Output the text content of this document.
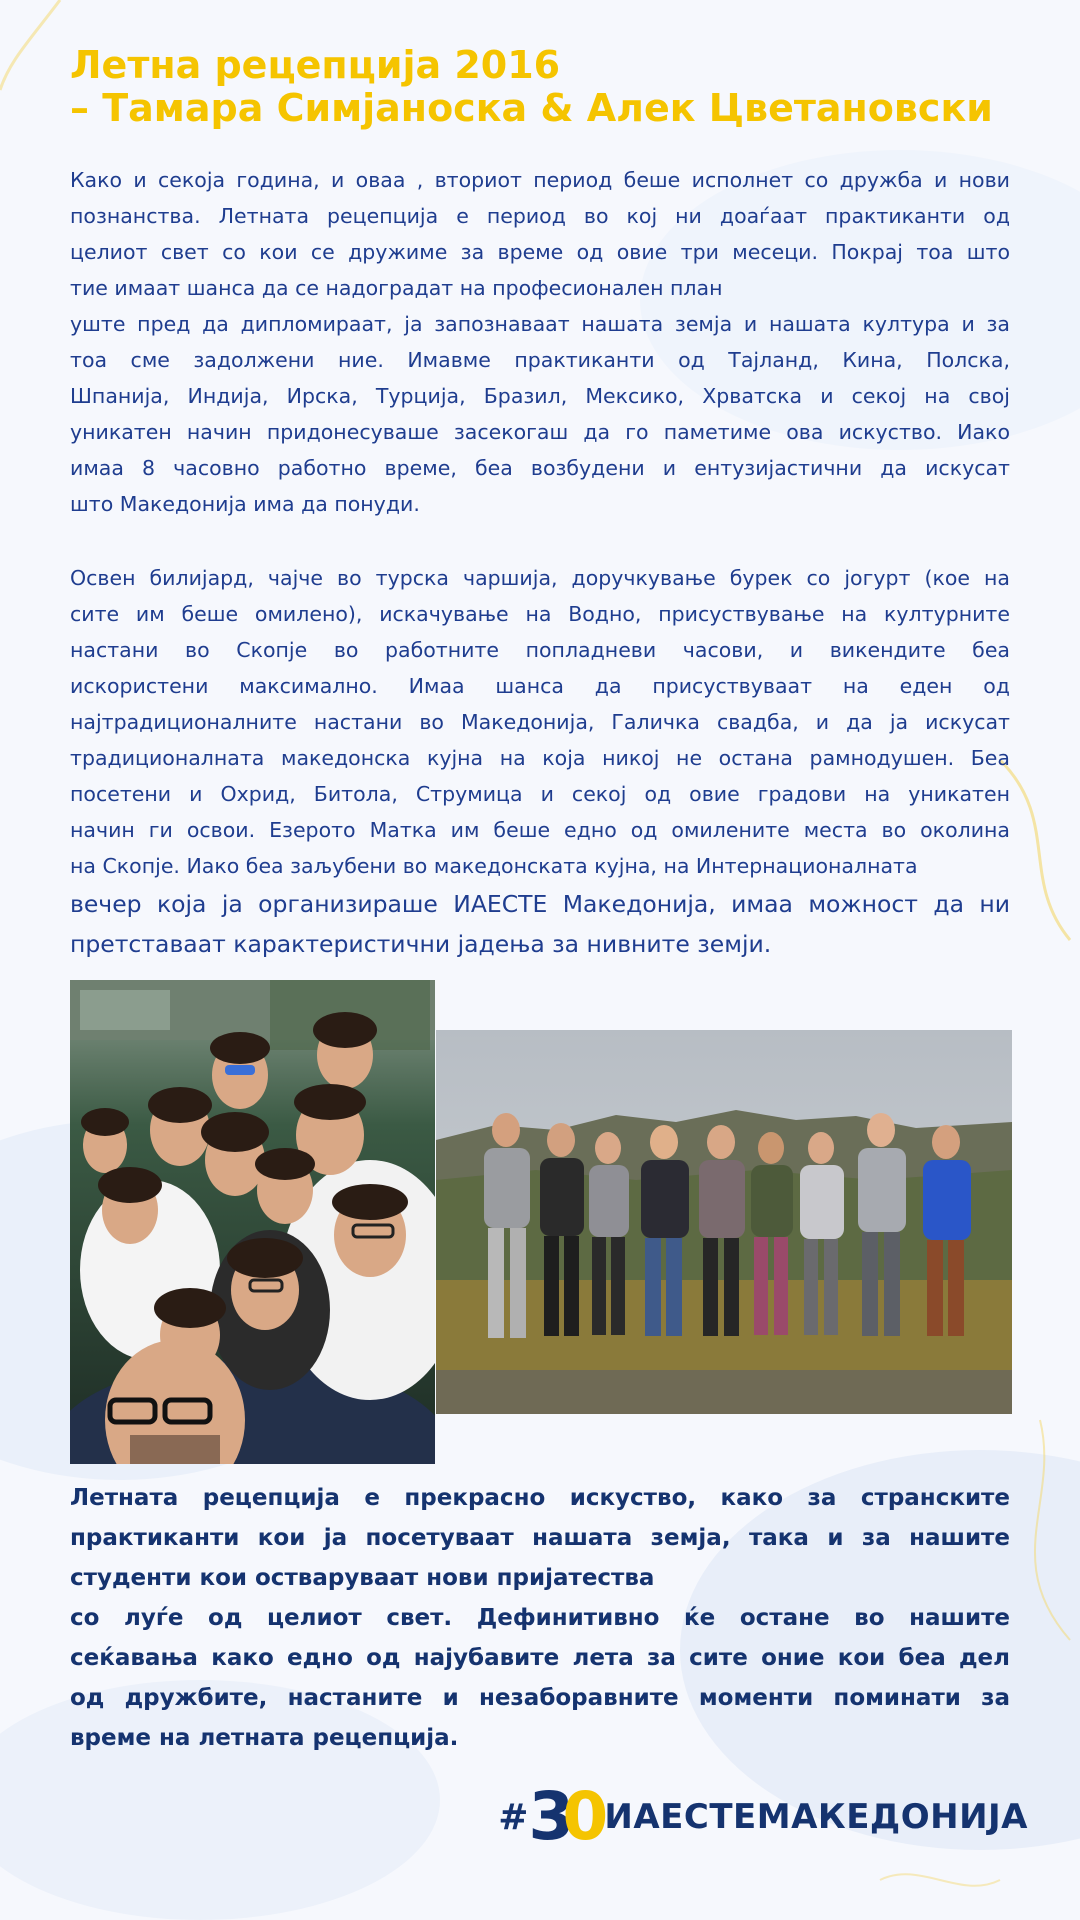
Летна рецепција 2016
– Тамара Симјаноска & Алек Цветановски
Како и секоја година, и оваа , вториот период беше исполнет со дружба и нови
познанства. Летната рецепција е период во кој ни доаѓаат практиканти од
целиот свет со кои се дружиме за време од овие три месеци. Покрај тоа што
тие имаат шанса да се надоградат на професионален план
уште пред да дипломираат, ја запознаваат нашата земја и нашата култура и за
тоа сме задолжени ние. Имавме практиканти од Тајланд, Кина, Полска,
Шпанија, Индија, Ирска, Турција, Бразил, Мексико, Хрватска и секој на свој
уникатен начин придонесуваше засекогаш да го паметиме ова искуство. Иако
имаа 8 часовно работно време, беа возбудени и ентузијастични да искусат
што Македонија има да понуди.
Освен билијард, чајче во турска чаршија, доручкување бурек со јогурт (кое на
сите им беше омилено), искачување на Водно, присуствување на културните
настани во Скопје во работните попладневи часови, и викендите беа
искористени максимално. Имаа шанса да присуствуваат на еден од
најтрадиционалните настани во Македонија, Галичка свадба, и да ја искусат
традиционалната македонска кујна на која никој не остана рамнодушен. Беа
посетени и Охрид, Битола, Струмица и секој од овие градови на уникатен
начин ги освои. Езерото Матка им беше едно од омилените места во околина
на Скопје. Иако беа заљубени во македонската кујна, на Интернационалната
вечер која ја организираше ИАЕСТЕ Македонија, имаа можност да ни
претставаат карактеристични јадења за нивните земји.
Летната рецепција е прекрасно искуство, како за странските
практиканти кои ја посетуваат нашата земја, така и за нашите
студенти кои остваруваат нови пријатества
со луѓе од целиот свет. Дефинитивно ќе остане во нашите
сеќавања како едно од најубавите лета за сите оние кои беа дел
од дружбите, настаните и незаборавните моменти поминати за
време на летната рецепција.
# 3
0
ИАЕСТЕМАКЕДОНИЈА
